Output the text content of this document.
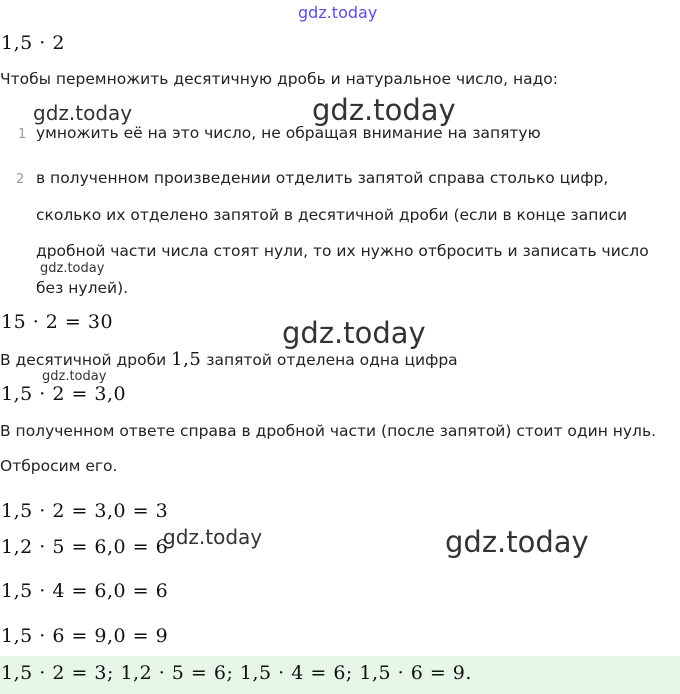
gdz.today
gdz.today	gdz.today
gdz.today
gdz.today
gdz.today
gdz.today	gdz.today
1,5 · 2
Чтобы перемножить десятичную дробь и натуральное число, надо:
1 умножить её на это число, не обращая внимание на запятую
2 в полученном произведении отделить запятой справа столько цифр,
сколько их отделено запятой в десятичной дроби (если в конце записи
дробной части числа стоят нули, то их нужно отбросить и записать число
без нулей).
15 · 2 = 30
В десятичной дроби 1,5 запятой отделена одна цифра
1,5 · 2 = 3,0
В полученном ответе справа в дробной части (после запятой) стоит один нуль.
Отбросим его.
1,5 · 2 = 3,0 = 3
1,2 · 5 = 6,0 = 6
1,5 · 4 = 6,0 = 6
1,5 · 6 = 9,0 = 9
1,5 · 2 = 3; 1,2 · 5 = 6; 1,5 · 4 = 6; 1,5 · 6 = 9.
